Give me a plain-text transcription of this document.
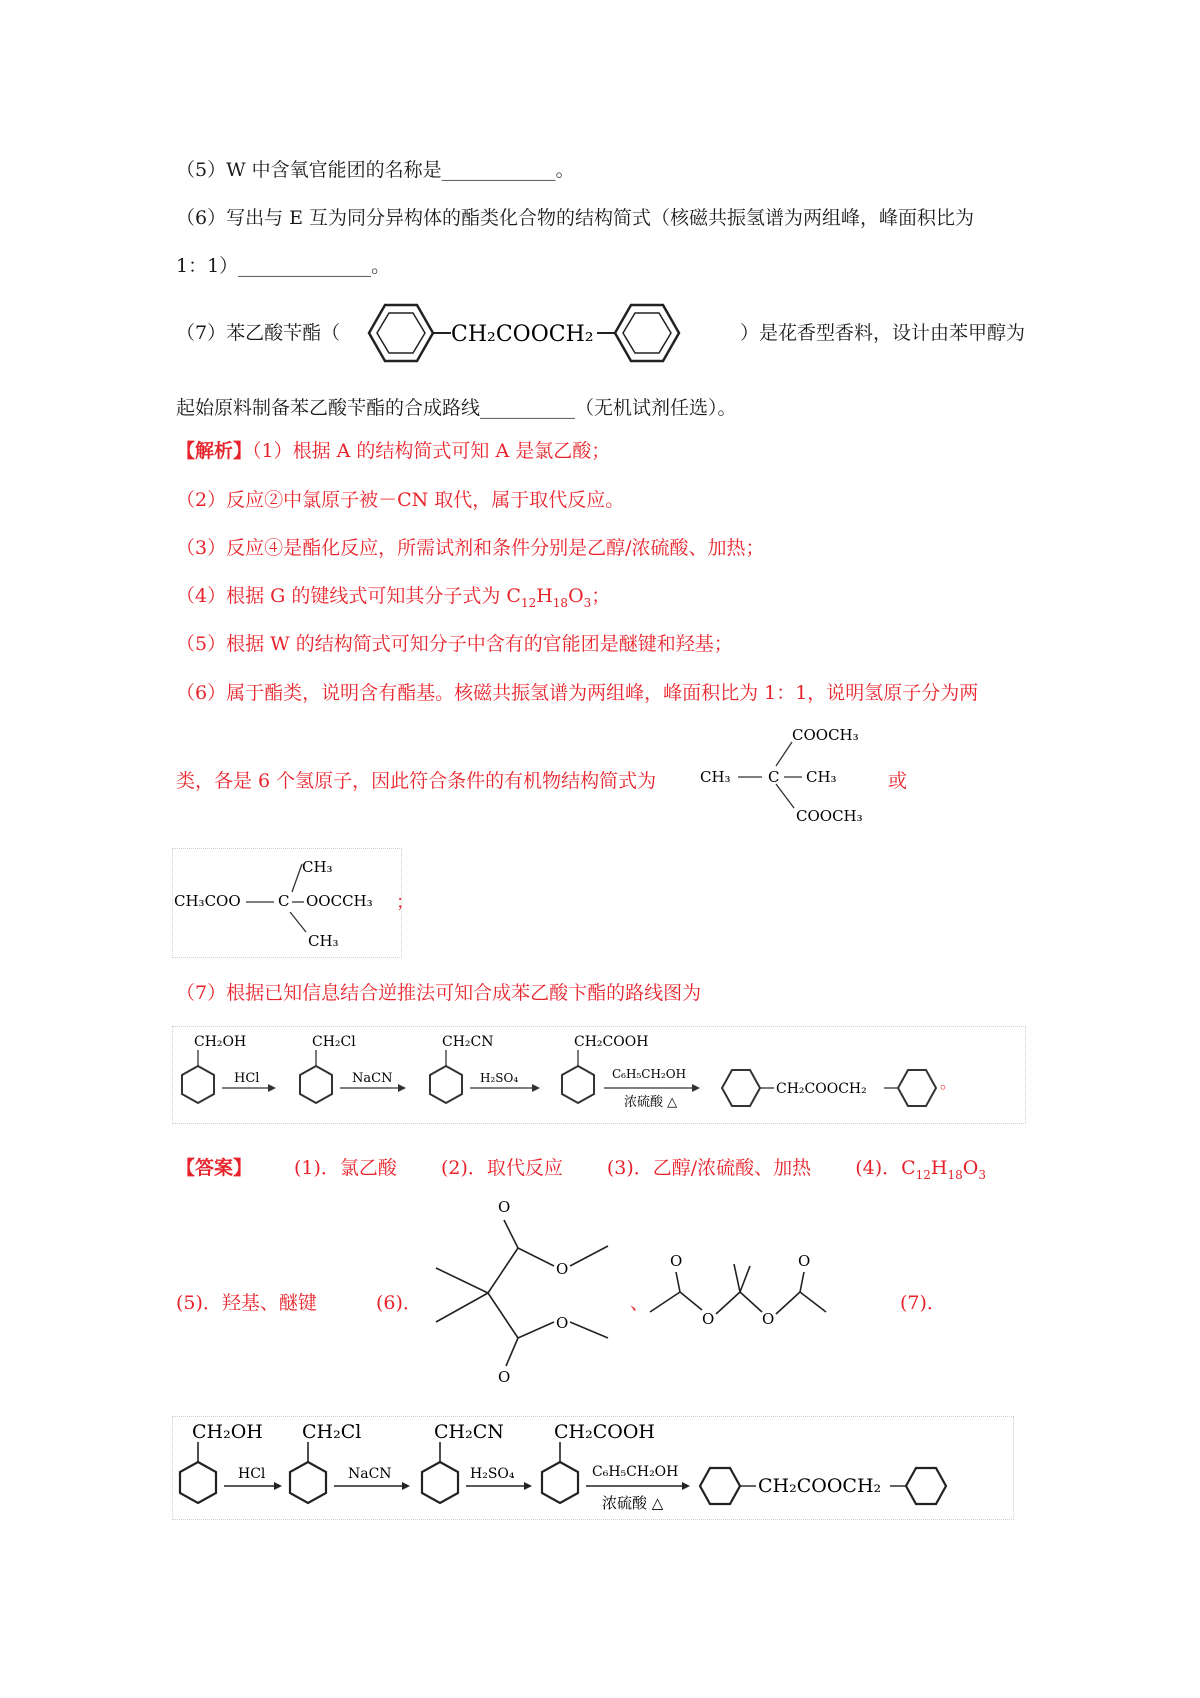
（5）W 中含氧官能团的名称是____________。
（6）写出与 E 互为同分异构体的酯类化合物的结构简式（核磁共振氢谱为两组峰，峰面积比为
1：1）______________。
（7）苯乙酸苄酯（	CH₂COOCH₂	）是花香型香料，设计由苯甲醇为
起始原料制备苯乙酸苄酯的合成路线__________（无机试剂任选）。
【解析】（1）根据 A 的结构简式可知 A 是氯乙酸；
（2）反应②中氯原子被－CN 取代，属于取代反应。
（3）反应④是酯化反应，所需试剂和条件分别是乙醇/浓硫酸、加热；
（4）根据 G 的键线式可知其分子式为 $C_{12}H_{18}O_3$；
（5）根据 W 的结构简式可知分子中含有的官能团是醚键和羟基；
（6）属于酯类，说明含有酯基。核磁共振氢谱为两组峰，峰面积比为 1：1，说明氢原子分为两
类，各是 6 个氢原子，因此符合条件的有机物结构简式为
COOCH₃
CH₃ C CH₃
COOCH₃
或
CH₃
CH₃COO C OOCCH₃
CH₃
；
（7）根据已知信息结合逆推法可知合成苯乙酸卞酯的路线图为
CH₂OH
HCl
CH₂Cl
NaCN
CH₂CN
H₂SO₄
CH₂COOH
C₆H₅CH₂OH
浓硫酸 △
CH₂COOCH₂	。
【答案】 (1)．氯乙酸 (2)．取代反应 (3)．乙醇/浓硫酸、加热 (4)．$C_{12}H_{18}O_3$
(5)．羟基、醚键	(6)．
O
O
O
O
、
O
O	O
O
(7)．
CH₂OH
HCl
CH₂Cl
NaCN
CH₂CN
H₂SO₄
CH₂COOH
C₆H₅CH₂OH
浓硫酸 △
CH₂COOCH₂
